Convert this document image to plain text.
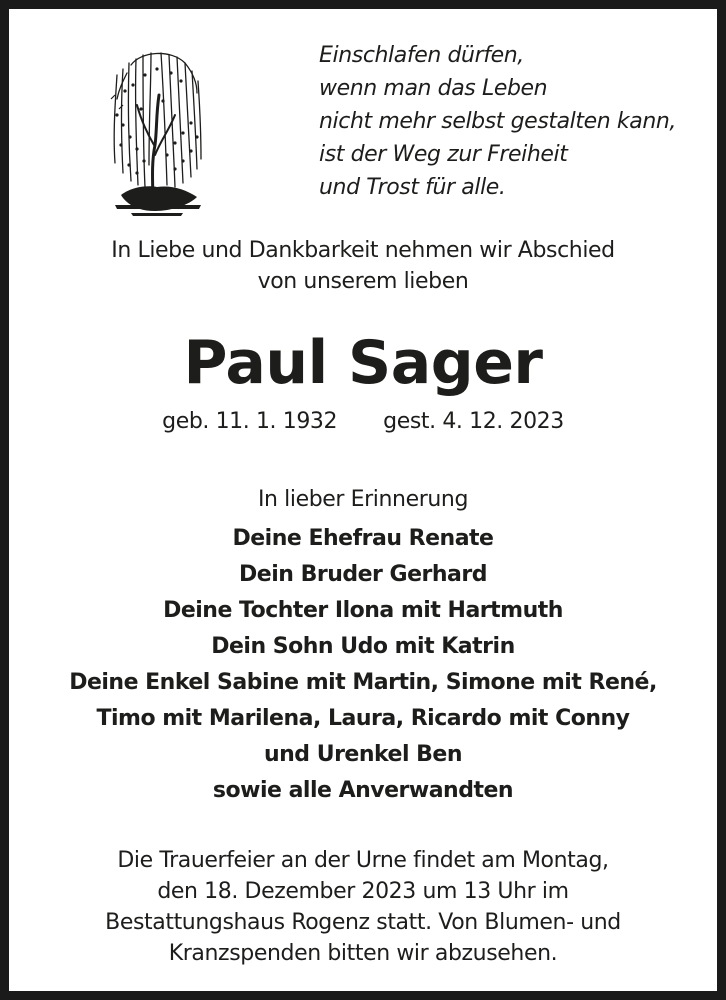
Einschlafen dürfen,
wenn man das Leben
nicht mehr selbst gestalten kann,
ist der Weg zur Freiheit
und Trost für alle.
In Liebe und Dankbarkeit nehmen wir Abschied
von unserem lieben
Paul Sager
geb. 11. 1. 1932 gest. 4. 12. 2023
In lieber Erinnerung
Deine Ehefrau Renate
Dein Bruder Gerhard
Deine Tochter Ilona mit Hartmuth
Dein Sohn Udo mit Katrin
Deine Enkel Sabine mit Martin, Simone mit René,
Timo mit Marilena, Laura, Ricardo mit Conny
und Urenkel Ben
sowie alle Anverwandten
Die Trauerfeier an der Urne findet am Montag,
den 18. Dezember 2023 um 13 Uhr im
Bestattungshaus Rogenz statt. Von Blumen- und
Kranzspenden bitten wir abzusehen.
